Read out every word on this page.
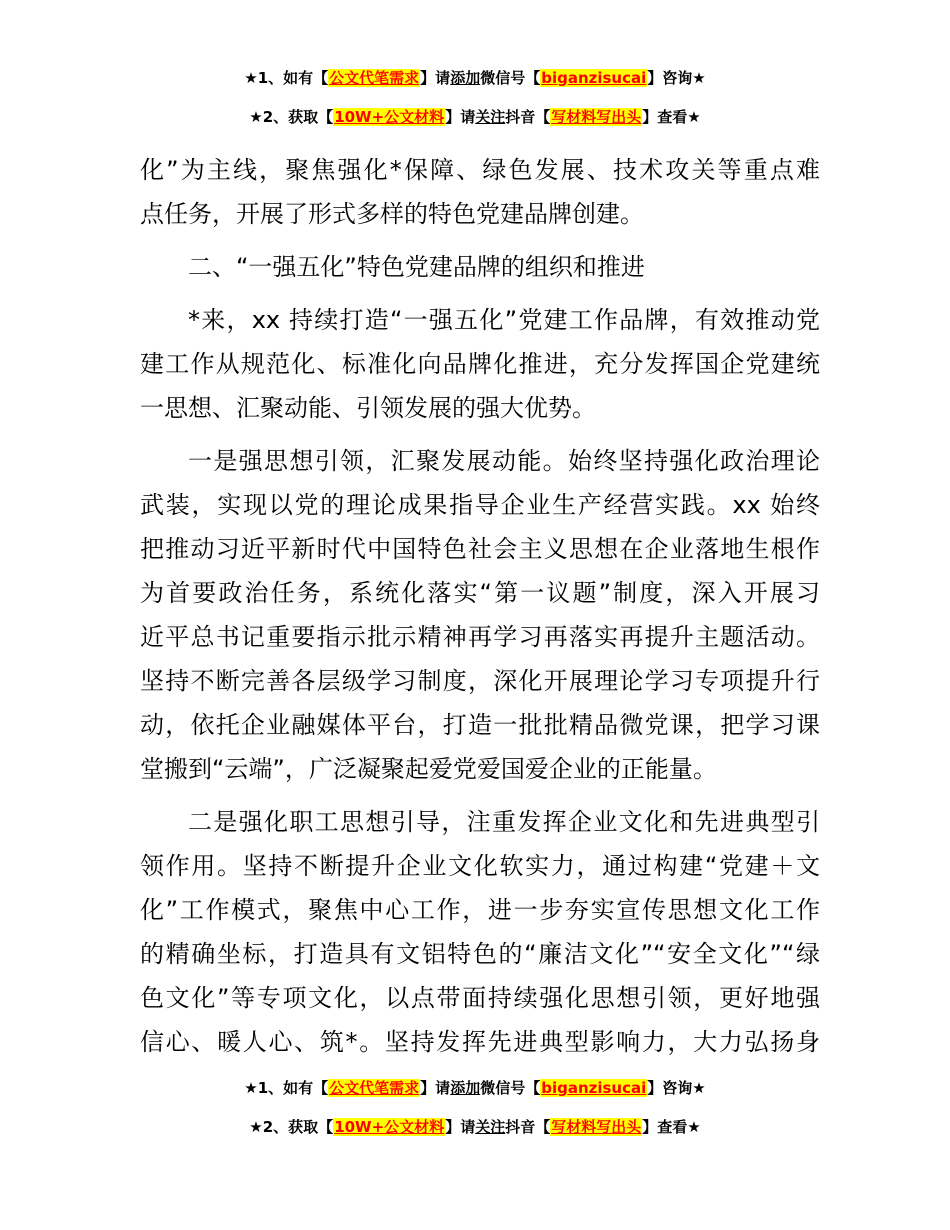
★1、如有【公文代笔需求】请添加微信号【biganzisucai】咨询★
★2、获取【10W+公文材料】请关注抖音【写材料写出头】查看★
化”为主线，聚焦强化*保障、绿色发展、技术攻关等重点难
点任务，开展了形式多样的特色党建品牌创建。
二、“一强五化”特色党建品牌的组织和推进
*来，xx 持续打造“一强五化”党建工作品牌，有效推动党
建工作从规范化、标准化向品牌化推进，充分发挥国企党建统
一思想、汇聚动能、引领发展的强大优势。
一是强思想引领，汇聚发展动能。始终坚持强化政治理论
武装，实现以党的理论成果指导企业生产经营实践。xx 始终
把推动习近平新时代中国特色社会主义思想在企业落地生根作
为首要政治任务，系统化落实“第一议题”制度，深入开展习
近平总书记重要指示批示精神再学习再落实再提升主题活动。
坚持不断完善各层级学习制度，深化开展理论学习专项提升行
动，依托企业融媒体平台，打造一批批精品微党课，把学习课
堂搬到“云端”，广泛凝聚起爱党爱国爱企业的正能量。
二是强化职工思想引导，注重发挥企业文化和先进典型引
领作用。坚持不断提升企业文化软实力，通过构建“党建＋文
化”工作模式，聚焦中心工作，进一步夯实宣传思想文化工作
的精确坐标，打造具有文铝特色的“廉洁文化”“安全文化”“绿
色文化”等专项文化，以点带面持续强化思想引领，更好地强
信心、暖人心、筑*。坚持发挥先进典型影响力，大力弘扬身
★1、如有【公文代笔需求】请添加微信号【biganzisucai】咨询★
★2、获取【10W+公文材料】请关注抖音【写材料写出头】查看★
